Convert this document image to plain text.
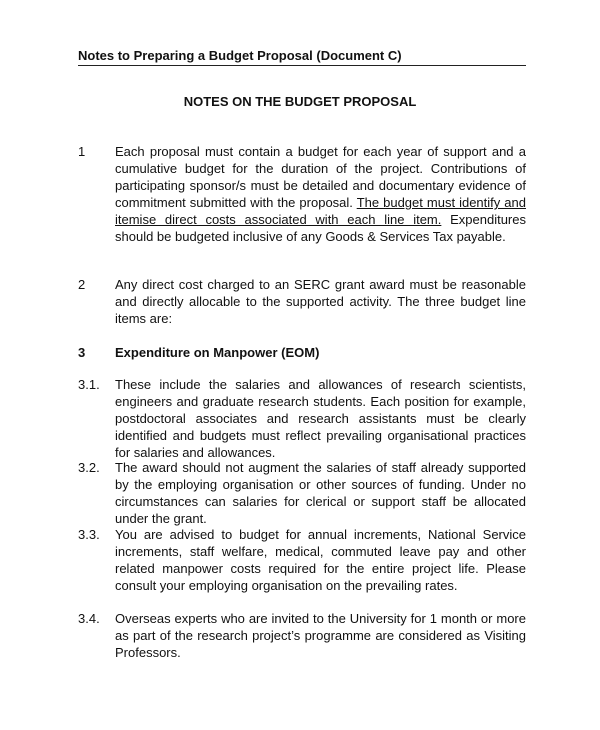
Notes to Preparing a Budget Proposal (Document C)
NOTES ON THE BUDGET PROPOSAL
1	Each proposal must contain a budget for each year of support and a cumulative budget for the duration of the project. Contributions of participating sponsor/s must be detailed and documentary evidence of commitment submitted with the proposal. The budget must identify and itemise direct costs associated with each line item. Expenditures should be budgeted inclusive of any Goods & Services Tax payable.
2	Any direct cost charged to an SERC grant award must be reasonable and directly allocable to the supported activity. The three budget line items are:
3	Expenditure on Manpower (EOM)
3.1.	These include the salaries and allowances of research scientists, engineers and graduate research students. Each position for example, postdoctoral associates and research assistants must be clearly identified and budgets must reflect prevailing organisational practices for salaries and allowances.
3.2.	The award should not augment the salaries of staff already supported by the employing organisation or other sources of funding. Under no circumstances can salaries for clerical or support staff be allocated under the grant.
3.3.	You are advised to budget for annual increments, National Service increments, staff welfare, medical, commuted leave pay and other related manpower costs required for the entire project life. Please consult your employing organisation on the prevailing rates.
3.4.	Overseas experts who are invited to the University for 1 month or more as part of the research project’s programme are considered as Visiting Professors.
